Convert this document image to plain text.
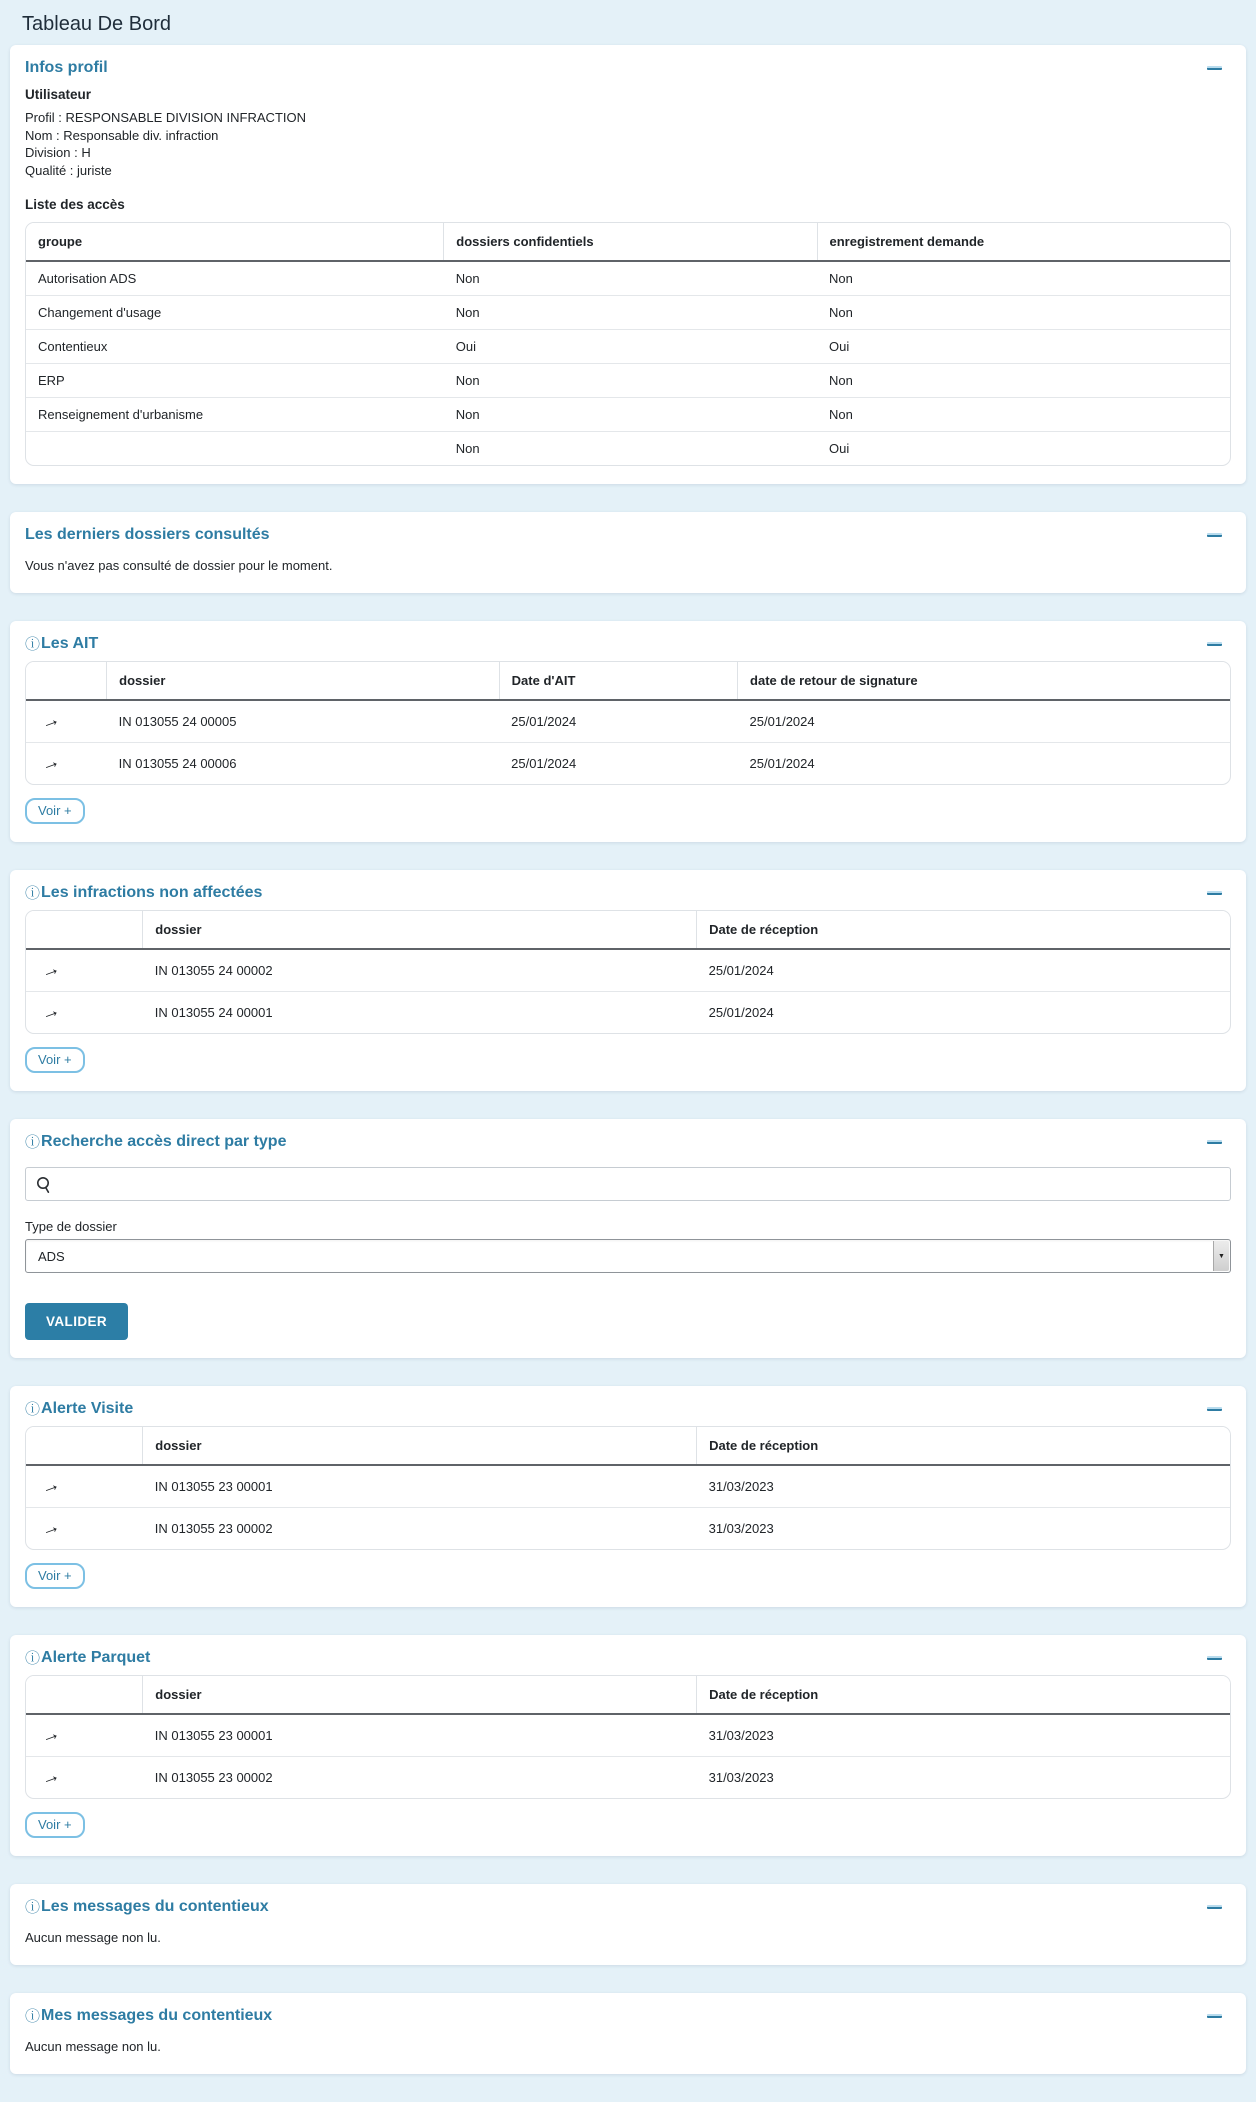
Tableau De Bord
Infos profil

Utilisateur

Profil : RESPONSABLE DIVISION INFRACTION

Nom : Responsable div. infraction

Division : H

Qualité : juriste

Liste des accès

groupe	dossiers confidentiels	enregistrement demande
Autorisation ADS	Non	Non
Changement d'usage	Non	Non
Contentieux	Oui	Oui
ERP	Non	Non
Renseignement d'urbanisme	Non	Non
	Non	Oui
Les derniers dossiers consultés

Vous n'avez pas consulté de dossier pour le moment.

ⓘ Les AIT
	dossier	Date d'AIT	date de retour de signature
→	IN 013055 24 00005	25/01/2024	25/01/2024
→	IN 013055 24 00006	25/01/2024	25/01/2024
Voir +
ⓘ Les infractions non affectées
	dossier	Date de réception
→	IN 013055 24 00002	25/01/2024
→	IN 013055 24 00001	25/01/2024
Voir +
ⓘ Recherche accès direct par type
Type de dossier
ADS	▼
VALIDER
ⓘ Alerte Visite
	dossier	Date de réception
→	IN 013055 23 00001	31/03/2023
→	IN 013055 23 00002	31/03/2023
Voir +
ⓘ Alerte Parquet
	dossier	Date de réception
→	IN 013055 23 00001	31/03/2023
→	IN 013055 23 00002	31/03/2023
Voir +
ⓘ Les messages du contentieux

Aucun message non lu.

ⓘ Mes messages du contentieux

Aucun message non lu.
